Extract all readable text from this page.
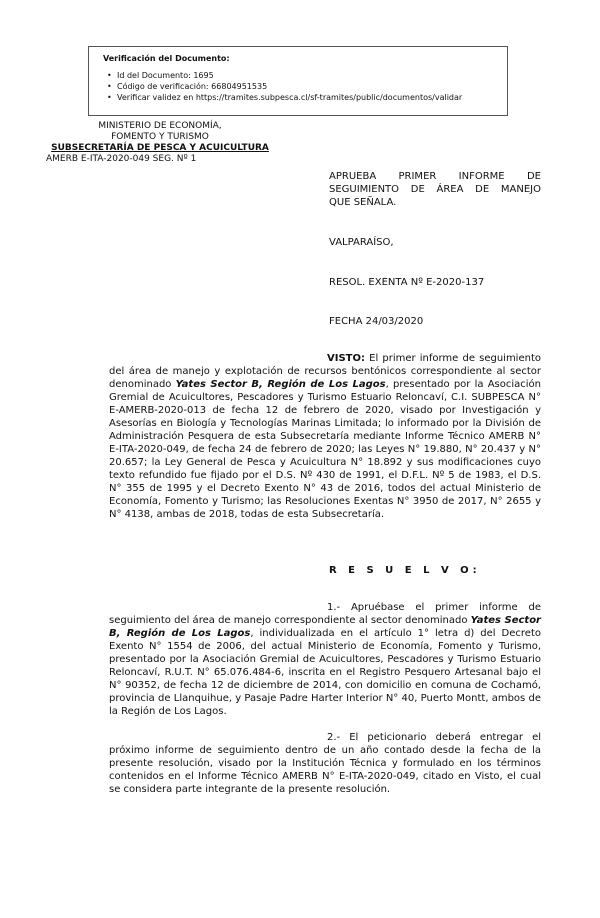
Verificación del Documento:
• Id del Documento: 1695
• Código de verificación: 66804951535
• Verificar validez en https://tramites.subpesca.cl/sf-tramites/public/documentos/validar
MINISTERIO DE ECONOMÍA,
FOMENTO Y TURISMO
SUBSECRETARÍA DE PESCA Y ACUICULTURA
AMERB E-ITA-2020-049 SEG. Nº 1
APRUEBA PRIMER INFORME DE
SEGUIMIENTO DE ÁREA DE MANEJO
QUE SEÑALA.
VALPARAÍSO,
RESOL. EXENTA Nº E-2020-137
FECHA 24/03/2020
VISTO: El primer informe de seguimiento del área de manejo y explotación de recursos bentónicos correspondiente al sector denominado Yates Sector B, Región de Los Lagos, presentado por la Asociación Gremial de Acuicultores, Pescadores y Turismo Estuario Reloncaví, C.I. SUBPESCA N° E-AMERB-2020-013 de fecha 12 de febrero de 2020, visado por Investigación y Asesorías en Biología y Tecnologías Marinas Limitada; lo informado por la División de Administración Pesquera de esta Subsecretaría mediante Informe Técnico AMERB N° E-ITA-2020-049, de fecha 24 de febrero de 2020; las Leyes N° 19.880, N° 20.437 y N° 20.657; la Ley General de Pesca y Acuicultura N° 18.892 y sus modificaciones cuyo texto refundido fue fijado por el D.S. Nº 430 de 1991, el D.F.L. Nº 5 de 1983, el D.S. N° 355 de 1995 y el Decreto Exento N° 43 de 2016, todos del actual Ministerio de Economía, Fomento y Turismo; las Resoluciones Exentas N° 3950 de 2017, N° 2655 y N° 4138, ambas de 2018, todas de esta Subsecretaría.
R E S U E L V O:
1.- Apruébase el primer informe de seguimiento del área de manejo correspondiente al sector denominado Yates Sector B, Región de Los Lagos, individualizada en el artículo 1° letra d) del Decreto Exento N° 1554 de 2006, del actual Ministerio de Economía, Fomento y Turismo, presentado por la Asociación Gremial de Acuicultores, Pescadores y Turismo Estuario Reloncaví, R.U.T. N° 65.076.484-6, inscrita en el Registro Pesquero Artesanal bajo el N° 90352, de fecha 12 de diciembre de 2014, con domicilio en comuna de Cochamó, provincia de Llanquihue, y Pasaje Padre Harter Interior N° 40, Puerto Montt, ambos de la Región de Los Lagos.
2.- El peticionario deberá entregar el próximo informe de seguimiento dentro de un año contado desde la fecha de la presente resolución, visado por la Institución Técnica y formulado en los términos contenidos en el Informe Técnico AMERB N° E-ITA-2020-049, citado en Visto, el cual se considera parte integrante de la presente resolución.
